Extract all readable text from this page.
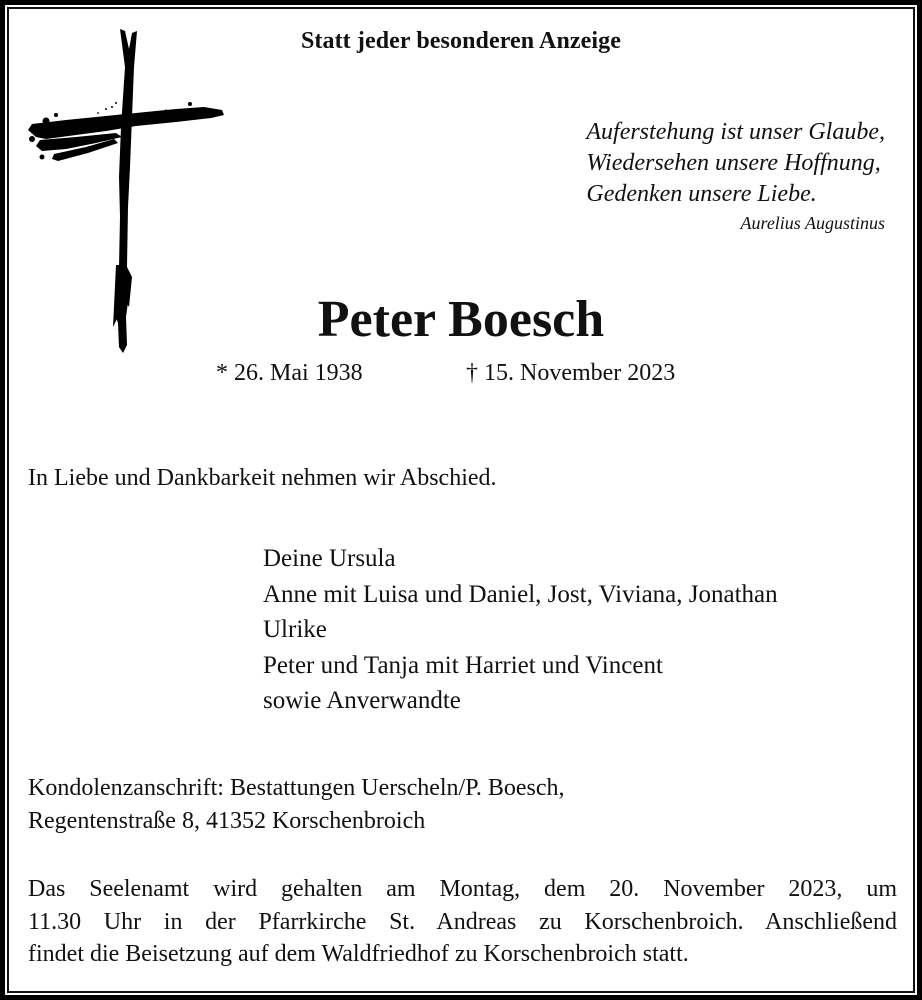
Statt jeder besonderen Anzeige
Auferstehung ist unser Glaube,
Wiedersehen unsere Hoffnung,
Gedenken unsere Liebe.
Aurelius Augustinus
Peter Boesch
* 26. Mai 1938	† 15. November 2023
In Liebe und Dankbarkeit nehmen wir Abschied.
Deine Ursula
Anne mit Luisa und Daniel, Jost, Viviana, Jonathan
Ulrike
Peter und Tanja mit Harriet und Vincent
sowie Anverwandte
Kondolenzanschrift: Bestattungen Uerscheln/P. Boesch,
Regentenstraße 8, 41352 Korschenbroich
Das Seelenamt wird gehalten am Montag, dem 20. November 2023, um
11.30 Uhr in der Pfarrkirche St. Andreas zu Korschenbroich. Anschließend
findet die Beisetzung auf dem Waldfriedhof zu Korschenbroich statt.
